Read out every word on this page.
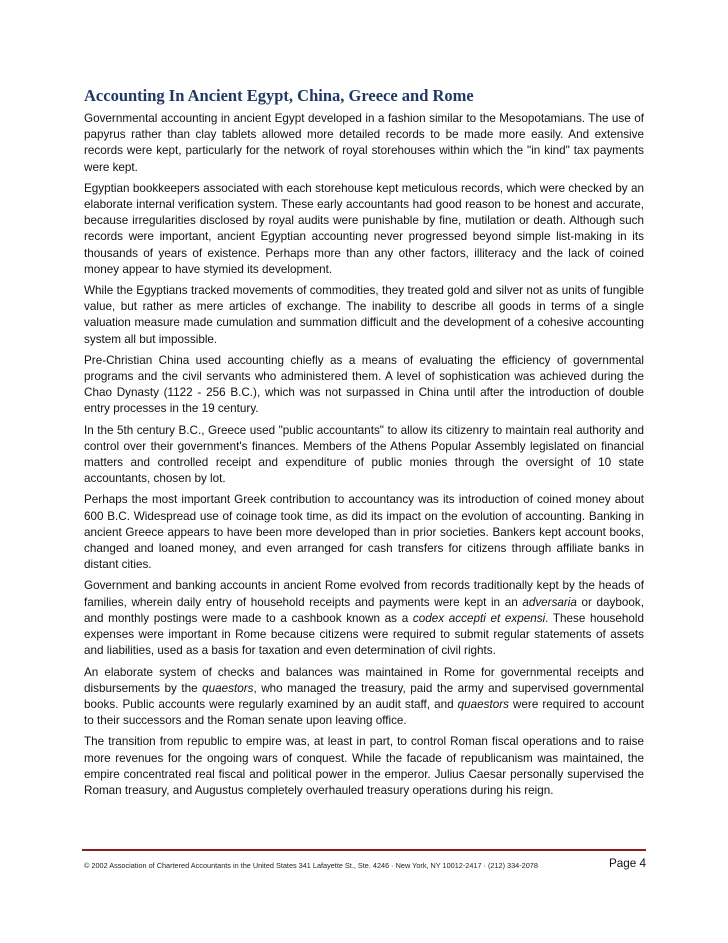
Accounting In Ancient Egypt, China, Greece and Rome

Governmental accounting in ancient Egypt developed in a fashion similar to the Mesopotamians. The use of papyrus rather than clay tablets allowed more detailed records to be made more easily. And extensive records were kept, particularly for the network of royal storehouses within which the "in kind" tax payments were kept.

Egyptian bookkeepers associated with each storehouse kept meticulous records, which were checked by an elaborate internal verification system. These early accountants had good reason to be honest and accurate, because irregularities disclosed by royal audits were punishable by fine, mutilation or death. Although such records were important, ancient Egyptian accounting never progressed beyond simple list-making in its thousands of years of existence. Perhaps more than any other factors, illiteracy and the lack of coined money appear to have stymied its development.

While the Egyptians tracked movements of commodities, they treated gold and silver not as units of fungible value, but rather as mere articles of exchange. The inability to describe all goods in terms of a single valuation measure made cumulation and summation difficult and the development of a cohesive accounting system all but impossible.

Pre-Christian China used accounting chiefly as a means of evaluating the efficiency of governmental programs and the civil servants who administered them. A level of sophistication was achieved during the Chao Dynasty (1122 - 256 B.C.), which was not surpassed in China until after the introduction of double entry processes in the 19 century.

In the 5th century B.C., Greece used "public accountants" to allow its citizenry to maintain real authority and control over their government's finances. Members of the Athens Popular Assembly legislated on financial matters and controlled receipt and expenditure of public monies through the oversight of 10 state accountants, chosen by lot.

Perhaps the most important Greek contribution to accountancy was its introduction of coined money about 600 B.C. Widespread use of coinage took time, as did its impact on the evolution of accounting. Banking in ancient Greece appears to have been more developed than in prior societies. Bankers kept account books, changed and loaned money, and even arranged for cash transfers for citizens through affiliate banks in distant cities.

Government and banking accounts in ancient Rome evolved from records traditionally kept by the heads of families, wherein daily entry of household receipts and payments were kept in an adversaria or daybook, and monthly postings were made to a cashbook known as a codex accepti et expensi. These household expenses were important in Rome because citizens were required to submit regular statements of assets and liabilities, used as a basis for taxation and even determination of civil rights.

An elaborate system of checks and balances was maintained in Rome for governmental receipts and disbursements by the quaestors, who managed the treasury, paid the army and supervised governmental books. Public accounts were regularly examined by an audit staff, and quaestors were required to account to their successors and the Roman senate upon leaving office.

The transition from republic to empire was, at least in part, to control Roman fiscal operations and to raise more revenues for the ongoing wars of conquest. While the facade of republicanism was maintained, the empire concentrated real fiscal and political power in the emperor. Julius Caesar personally supervised the Roman treasury, and Augustus completely overhauled treasury operations during his reign.

© 2002 Association of Chartered Accountants in the United States 341 Lafayette St., Ste. 4246 · New York, NY 10012-2417 · (212) 334-2078	Page 4
